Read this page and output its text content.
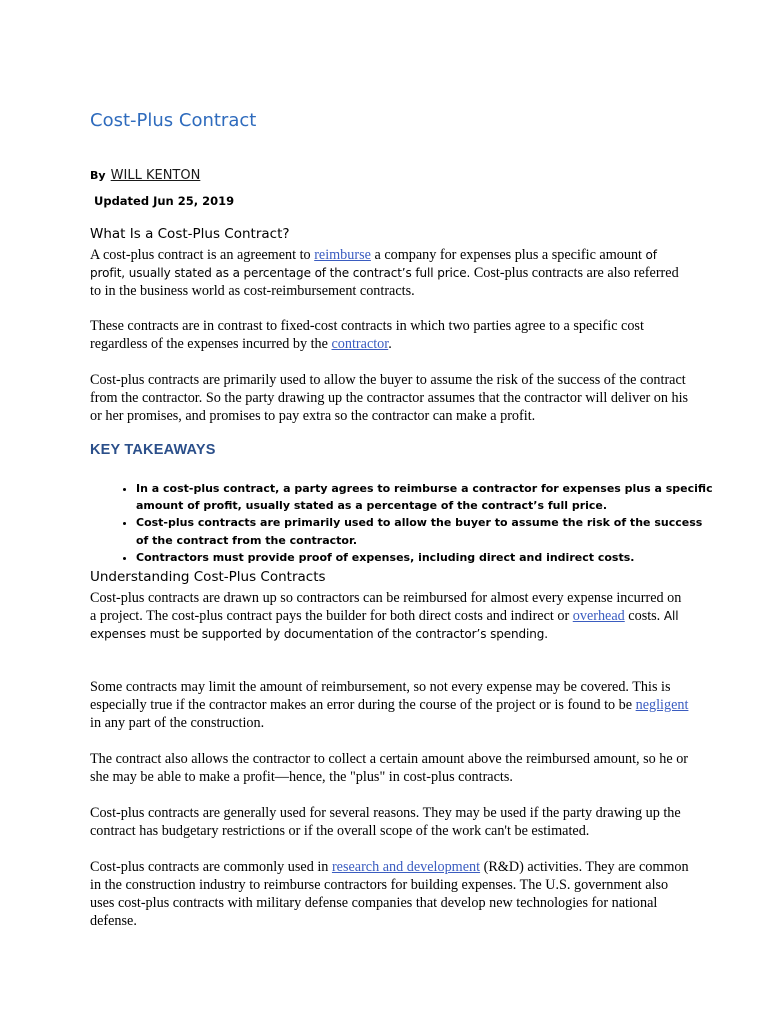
Cost-Plus Contract
By WILL KENTON
Updated Jun 25, 2019
What Is a Cost-Plus Contract?
A cost-plus contract is an agreement to reimburse a company for expenses plus a specific amount of profit, usually stated as a percentage of the contract’s full price. Cost-plus contracts are also referred to in the business world as cost-reimbursement contracts.
These contracts are in contrast to fixed-cost contracts in which two parties agree to a specific cost regardless of the expenses incurred by the contractor.
Cost-plus contracts are primarily used to allow the buyer to assume the risk of the success of the contract from the contractor. So the party drawing up the contractor assumes that the contractor will deliver on his or her promises, and promises to pay extra so the contractor can make a profit.
KEY TAKEAWAYS
• In a cost-plus contract, a party agrees to reimburse a contractor for expenses plus a specific amount of profit, usually stated as a percentage of the contract’s full price.
• Cost-plus contracts are primarily used to allow the buyer to assume the risk of the success of the contract from the contractor.
• Contractors must provide proof of expenses, including direct and indirect costs.
Understanding Cost-Plus Contracts
Cost-plus contracts are drawn up so contractors can be reimbursed for almost every expense incurred on a project. The cost-plus contract pays the builder for both direct costs and indirect or overhead costs. All expenses must be supported by documentation of the contractor’s spending.
Some contracts may limit the amount of reimbursement, so not every expense may be covered. This is especially true if the contractor makes an error during the course of the project or is found to be negligent in any part of the construction.
The contract also allows the contractor to collect a certain amount above the reimbursed amount, so he or she may be able to make a profit—hence, the "plus" in cost-plus contracts.
Cost-plus contracts are generally used for several reasons. They may be used if the party drawing up the contract has budgetary restrictions or if the overall scope of the work can't be estimated.
Cost-plus contracts are commonly used in research and development (R&D) activities. They are common in the construction industry to reimburse contractors for building expenses. The U.S. government also uses cost-plus contracts with military defense companies that develop new technologies for national defense.
